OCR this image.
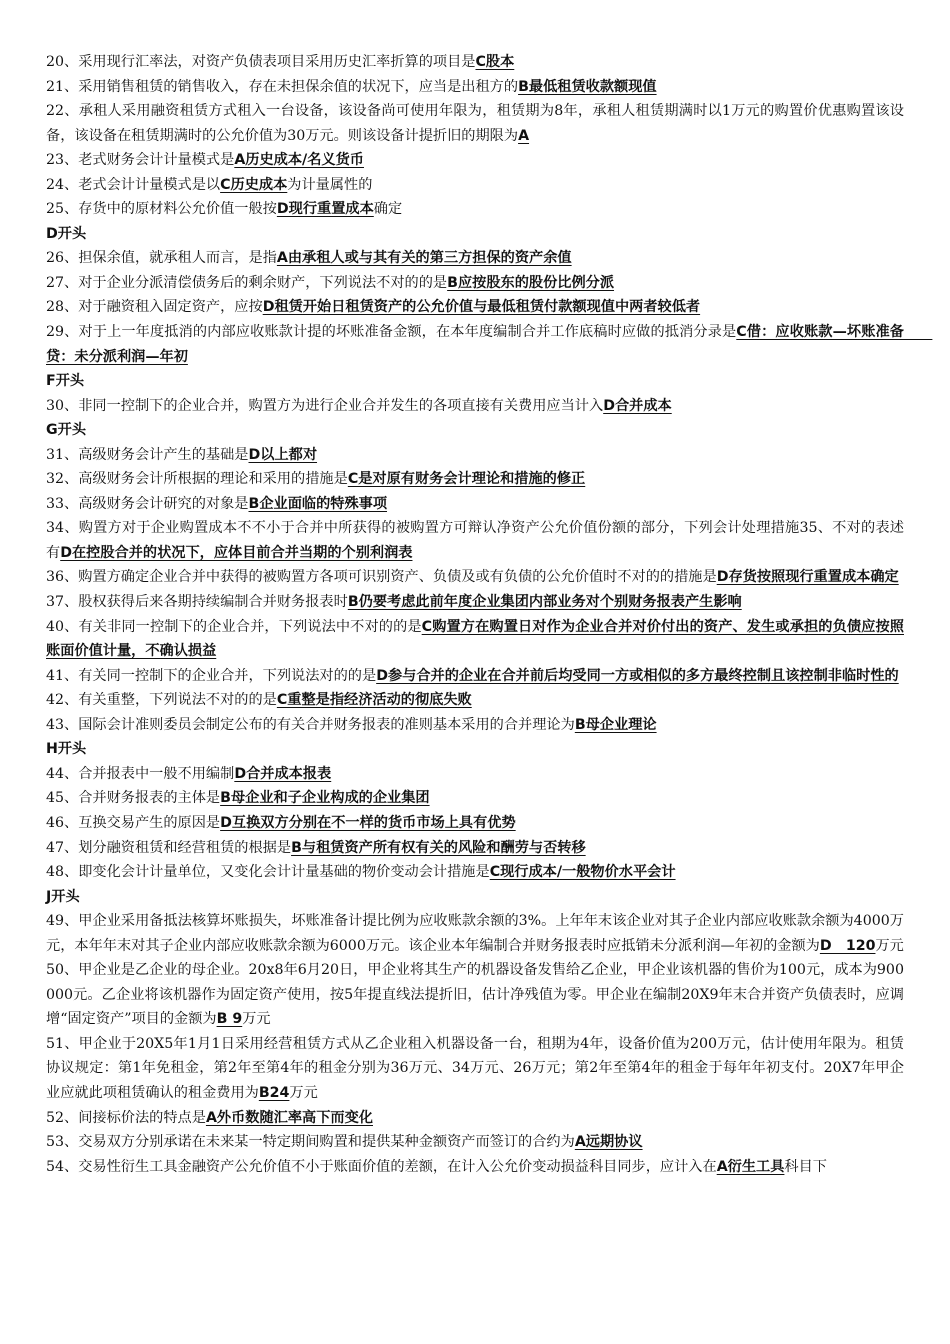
20、采用现行汇率法，对资产负债表项目采用历史汇率折算的项目是C股本

21、采用销售租赁的销售收入，存在未担保余值的状况下，应当是出租方的B最低租赁收款额现值

22、承租人采用融资租赁方式租入一台设备，该设备尚可使用年限为，租赁期为8年，承租人租赁期满时以1万元的购置价优惠购置该设备，该设备在租赁期满时的公允价值为30万元。则该设备计提折旧的期限为A

23、老式财务会计计量模式是A历史成本/名义货币

24、老式会计计量模式是以C历史成本为计量属性的

25、存货中的原材料公允价值一般按D现行重置成本确定

D开头

26、担保余值，就承租人而言，是指A由承租人或与其有关的第三方担保的资产余值

27、对于企业分派清偿债务后的剩余财产，下列说法不对的的是B应按股东的股份比例分派

28、对于融资租入固定资产，应按D租赁开始日租赁资产的公允价值与最低租赁付款额现值中两者较低者

29、对于上一年度抵消的内部应收账款计提的坏账准备金额，在本年度编制合并工作底稿时应做的抵消分录是C借：应收账款—坏账准备　　贷：未分派利润—年初

F开头

30、非同一控制下的企业合并，购置方为进行企业合并发生的各项直接有关费用应当计入D合并成本

G开头

31、高级财务会计产生的基础是D以上都对

32、高级财务会计所根据的理论和采用的措施是C是对原有财务会计理论和措施的修正

33、高级财务会计研究的对象是B企业面临的特殊事项

34、购置方对于企业购置成本不不小于合并中所获得的被购置方可辩认净资产公允价值份额的部分，下列会计处理措施35、不对的表述有D在控股合并的状况下，应体目前合并当期的个别利润表

36、购置方确定企业合并中获得的被购置方各项可识别资产、负债及或有负债的公允价值时不对的的措施是D存货按照现行重置成本确定

37、股权获得后来各期持续编制合并财务报表时B仍要考虑此前年度企业集团内部业务对个别财务报表产生影响

40、有关非同一控制下的企业合并，下列说法中不对的的是C购置方在购置日对作为企业合并对价付出的资产、发生或承担的负债应按照账面价值计量，不确认损益

41、有关同一控制下的企业合并，下列说法对的的是D参与合并的企业在合并前后均受同一方或相似的多方最终控制且该控制非临时性的

42、有关重整，下列说法不对的的是C重整是指经济活动的彻底失败

43、国际会计准则委员会制定公布的有关合并财务报表的准则基本采用的合并理论为B母企业理论

H开头

44、合并报表中一般不用编制D合并成本报表

45、合并财务报表的主体是B母企业和子企业构成的企业集团

46、互换交易产生的原因是D互换双方分别在不一样的货币市场上具有优势

47、划分融资租赁和经营租赁的根据是B与租赁资产所有权有关的风险和酬劳与否转移

48、即变化会计计量单位，又变化会计计量基础的物价变动会计措施是C现行成本/一般物价水平会计

J开头

49、甲企业采用备抵法核算坏账损失，坏账准备计提比例为应收账款余额的3%。上年年末该企业对其子企业内部应收账款余额为4000万元，本年年末对其子企业内部应收账款余额为6000万元。该企业本年编制合并财务报表时应抵销未分派利润—年初的金额为D　120万元

50、甲企业是乙企业的母企业。20x8年6月20日，甲企业将其生产的机器设备发售给乙企业，甲企业该机器的售价为100元，成本为900 000元。乙企业将该机器作为固定资产使用，按5年提直线法提折旧，估计净残值为零。甲企业在编制20X9年末合并资产负债表时，应调增“固定资产”项目的金额为B 9万元

51、甲企业于20X5年1月1日采用经营租赁方式从乙企业租入机器设备一台，租期为4年，设备价值为200万元，估计使用年限为。租赁协议规定：第1年免租金，第2年至第4年的租金分别为36万元、34万元、26万元；第2年至第4年的租金于每年年初支付。20X7年甲企业应就此项租赁确认的租金费用为B24万元

52、间接标价法的特点是A外币数随汇率高下而变化

53、交易双方分别承诺在未来某一特定期间购置和提供某种金额资产而签订的合约为A远期协议

54、交易性衍生工具金融资产公允价值不小于账面价值的差额，在计入公允价变动损益科目同步，应计入在A衍生工具科目下
